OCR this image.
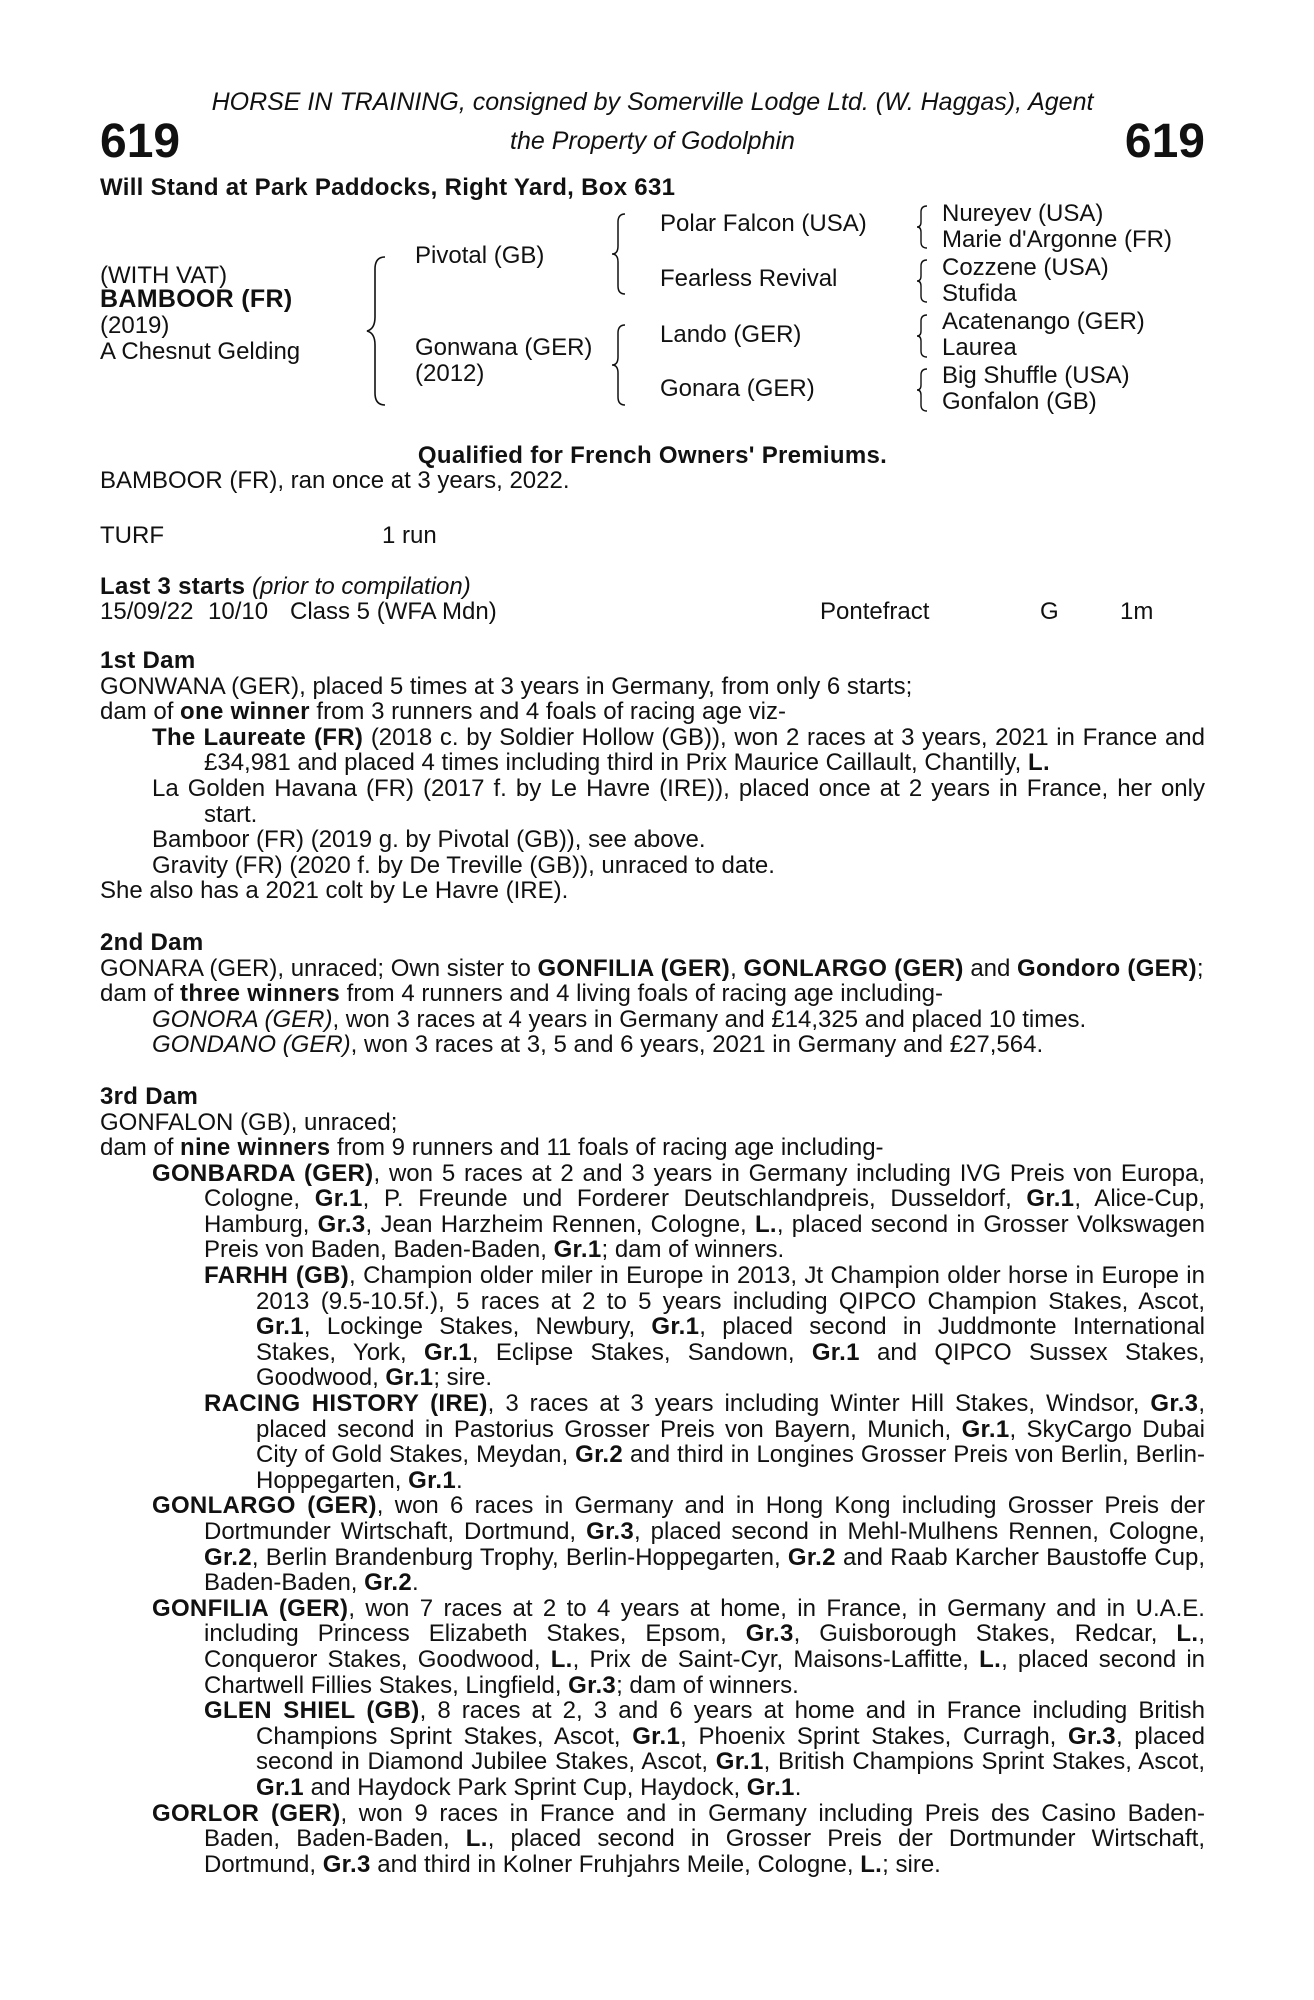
HORSE IN TRAINING, consigned by Somerville Lodge Ltd. (W. Haggas), Agent
619	619
the Property of Godolphin
Will Stand at Park Paddocks, Right Yard, Box 631
(WITH VAT)
BAMBOOR (FR)
(2019)
A Chesnut Gelding
Pivotal (GB)
Gonwana (GER)
(2012)
Polar Falcon (USA)
Fearless Revival
Lando (GER)
Gonara (GER)
Nureyev (USA)
Marie d'Argonne (FR)
Cozzene (USA)
Stufida
Acatenango (GER)
Laurea
Big Shuffle (USA)
Gonfalon (GB)
Qualified for French Owners' Premiums.
BAMBOOR (FR), ran once at 3 years, 2022.
TURF	1 run
Last 3 starts (prior to compilation)
15/09/22 10/10 Class 5 (WFA Mdn)	Pontefract	G	1m

1st Dam

GONWANA (GER), placed 5 times at 3 years in Germany, from only 6 starts;

dam of one winner from 3 runners and 4 foals of racing age viz-

The Laureate (FR) (2018 c. by Soldier Hollow (GB)), won 2 races at 3 years, 2021 in France and £34,981 and placed 4 times including third in Prix Maurice Caillault, Chantilly, L.

La Golden Havana (FR) (2017 f. by Le Havre (IRE)), placed once at 2 years in France, her only start.

Bamboor (FR) (2019 g. by Pivotal (GB)), see above.

Gravity (FR) (2020 f. by De Treville (GB)), unraced to date.

She also has a 2021 colt by Le Havre (IRE).

2nd Dam

GONARA (GER), unraced; Own sister to GONFILIA (GER), GONLARGO (GER) and Gondoro (GER);

dam of three winners from 4 runners and 4 living foals of racing age including-

GONORA (GER), won 3 races at 4 years in Germany and £14,325 and placed 10 times.

GONDANO (GER), won 3 races at 3, 5 and 6 years, 2021 in Germany and £27,564.

3rd Dam

GONFALON (GB), unraced;

dam of nine winners from 9 runners and 11 foals of racing age including-

GONBARDA (GER), won 5 races at 2 and 3 years in Germany including IVG Preis von Europa, Cologne, Gr.1, P. Freunde und Forderer Deutschlandpreis, Dusseldorf, Gr.1, Alice-Cup, Hamburg, Gr.3, Jean Harzheim Rennen, Cologne, L., placed second in Grosser Volkswagen Preis von Baden, Baden-Baden, Gr.1; dam of winners.

FARHH (GB), Champion older miler in Europe in 2013, Jt Champion older horse in Europe in 2013 (9.5-10.5f.), 5 races at 2 to 5 years including QIPCO Champion Stakes, Ascot, Gr.1, Lockinge Stakes, Newbury, Gr.1, placed second in Juddmonte International Stakes, York, Gr.1, Eclipse Stakes, Sandown, Gr.1 and QIPCO Sussex Stakes, Goodwood, Gr.1; sire.

RACING HISTORY (IRE), 3 races at 3 years including Winter Hill Stakes, Windsor, Gr.3, placed second in Pastorius Grosser Preis von Bayern, Munich, Gr.1, SkyCargo Dubai City of Gold Stakes, Meydan, Gr.2 and third in Longines Grosser Preis von Berlin, Berlin-Hoppegarten, Gr.1.

GONLARGO (GER), won 6 races in Germany and in Hong Kong including Grosser Preis der Dortmunder Wirtschaft, Dortmund, Gr.3, placed second in Mehl-Mulhens Rennen, Cologne, Gr.2, Berlin Brandenburg Trophy, Berlin-Hoppegarten, Gr.2 and Raab Karcher Baustoffe Cup, Baden-Baden, Gr.2.

GONFILIA (GER), won 7 races at 2 to 4 years at home, in France, in Germany and in U.A.E. including Princess Elizabeth Stakes, Epsom, Gr.3, Guisborough Stakes, Redcar, L., Conqueror Stakes, Goodwood, L., Prix de Saint-Cyr, Maisons-Laffitte, L., placed second in Chartwell Fillies Stakes, Lingfield, Gr.3; dam of winners.

GLEN SHIEL (GB), 8 races at 2, 3 and 6 years at home and in France including British Champions Sprint Stakes, Ascot, Gr.1, Phoenix Sprint Stakes, Curragh, Gr.3, placed second in Diamond Jubilee Stakes, Ascot, Gr.1, British Champions Sprint Stakes, Ascot, Gr.1 and Haydock Park Sprint Cup, Haydock, Gr.1.

GORLOR (GER), won 9 races in France and in Germany including Preis des Casino Baden-Baden, Baden-Baden, L., placed second in Grosser Preis der Dortmunder Wirtschaft, Dortmund, Gr.3 and third in Kolner Fruhjahrs Meile, Cologne, L.; sire.
